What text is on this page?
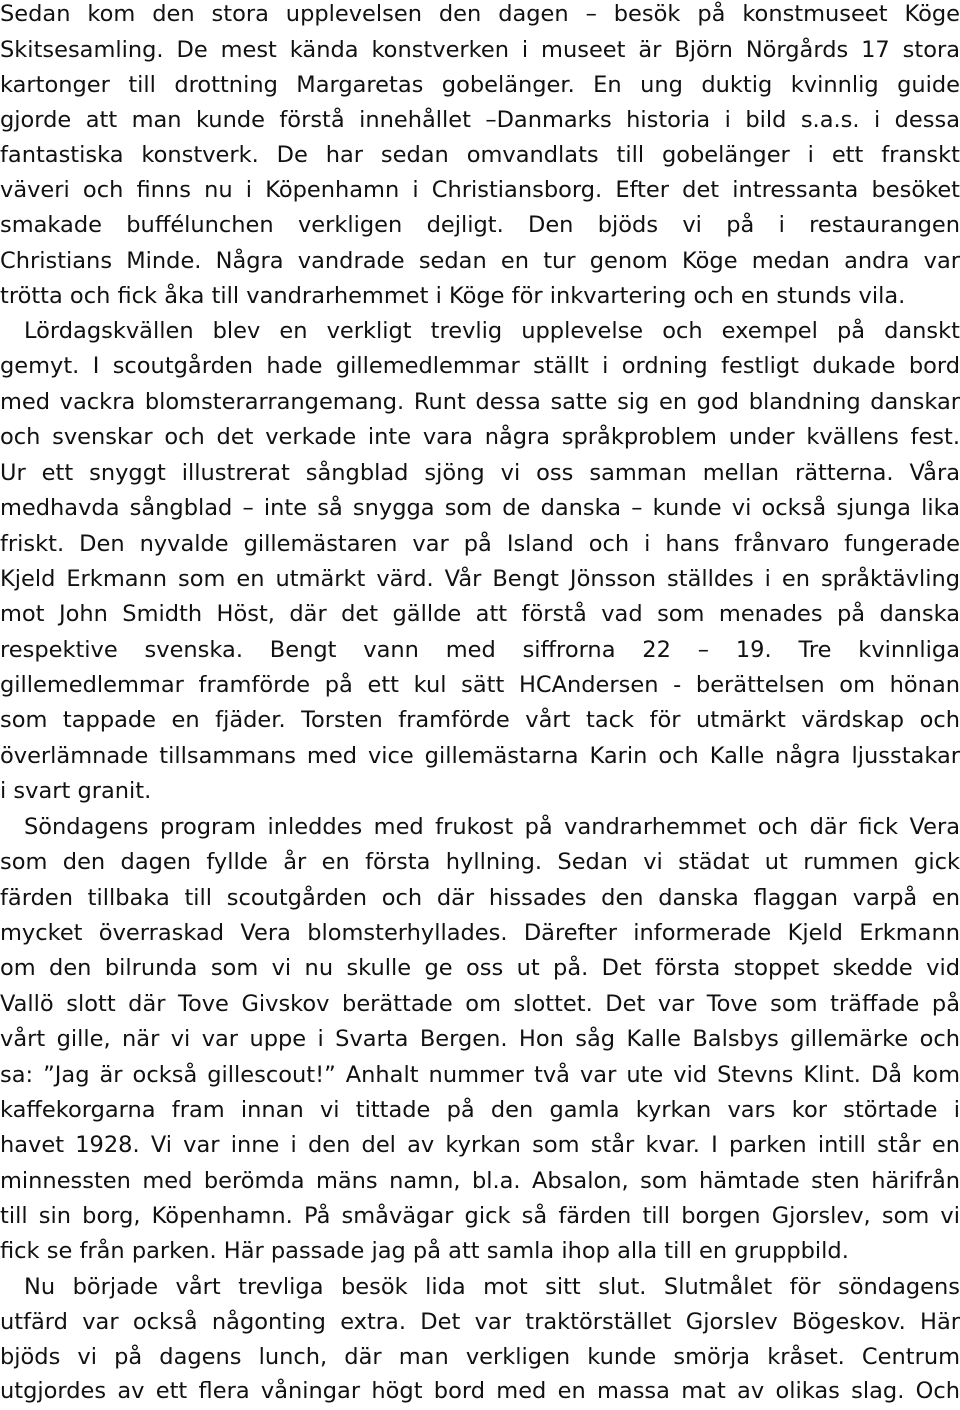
Sedan kom den stora upplevelsen den dagen – besök på konstmuseet Köge

Skitsesamling. De mest kända konstverken i museet är Björn Nörgårds 17 stora

kartonger till drottning Margaretas gobelänger. En ung duktig kvinnlig guide

gjorde att man kunde förstå innehållet –Danmarks historia i bild s.a.s. i dessa

fantastiska konstverk. De har sedan omvandlats till gobelänger i ett franskt

väveri och finns nu i Köpenhamn i Christiansborg. Efter det intressanta besöket

smakade buffélunchen verkligen dejligt. Den bjöds vi på i restaurangen

Christians Minde. Några vandrade sedan en tur genom Köge medan andra var

trötta och fick åka till vandrarhemmet i Köge för inkvartering och en stunds vila.

Lördagskvällen blev en verkligt trevlig upplevelse och exempel på danskt

gemyt. I scoutgården hade gillemedlemmar ställt i ordning festligt dukade bord

med vackra blomsterarrangemang. Runt dessa satte sig en god blandning danskar

och svenskar och det verkade inte vara några språkproblem under kvällens fest.

Ur ett snyggt illustrerat sångblad sjöng vi oss samman mellan rätterna. Våra

medhavda sångblad – inte så snygga som de danska – kunde vi också sjunga lika

friskt. Den nyvalde gillemästaren var på Island och i hans frånvaro fungerade

Kjeld Erkmann som en utmärkt värd. Vår Bengt Jönsson ställdes i en språktävling

mot John Smidth Höst, där det gällde att förstå vad som menades på danska

respektive svenska. Bengt vann med siffrorna 22 – 19. Tre kvinnliga

gillemedlemmar framförde på ett kul sätt HCAndersen - berättelsen om hönan

som tappade en fjäder. Torsten framförde vårt tack för utmärkt värdskap och

överlämnade tillsammans med vice gillemästarna Karin och Kalle några ljusstakar

i svart granit.

Söndagens program inleddes med frukost på vandrarhemmet och där fick Vera

som den dagen fyllde år en första hyllning. Sedan vi städat ut rummen gick

färden tillbaka till scoutgården och där hissades den danska flaggan varpå en

mycket överraskad Vera blomsterhyllades. Därefter informerade Kjeld Erkmann

om den bilrunda som vi nu skulle ge oss ut på. Det första stoppet skedde vid

Vallö slott där Tove Givskov berättade om slottet. Det var Tove som träffade på

vårt gille, när vi var uppe i Svarta Bergen. Hon såg Kalle Balsbys gillemärke och

sa: ”Jag är också gillescout!” Anhalt nummer två var ute vid Stevns Klint. Då kom

kaffekorgarna fram innan vi tittade på den gamla kyrkan vars kor störtade i

havet 1928. Vi var inne i den del av kyrkan som står kvar. I parken intill står en

minnessten med berömda mäns namn, bl.a. Absalon, som hämtade sten härifrån

till sin borg, Köpenhamn. På småvägar gick så färden till borgen Gjorslev, som vi

fick se från parken. Här passade jag på att samla ihop alla till en gruppbild.

Nu började vårt trevliga besök lida mot sitt slut. Slutmålet för söndagens

utfärd var också någonting extra. Det var traktörstället Gjorslev Bögeskov. Här

bjöds vi på dagens lunch, där man verkligen kunde smörja kråset. Centrum

utgjordes av ett flera våningar högt bord med en massa mat av olikas slag. Och
